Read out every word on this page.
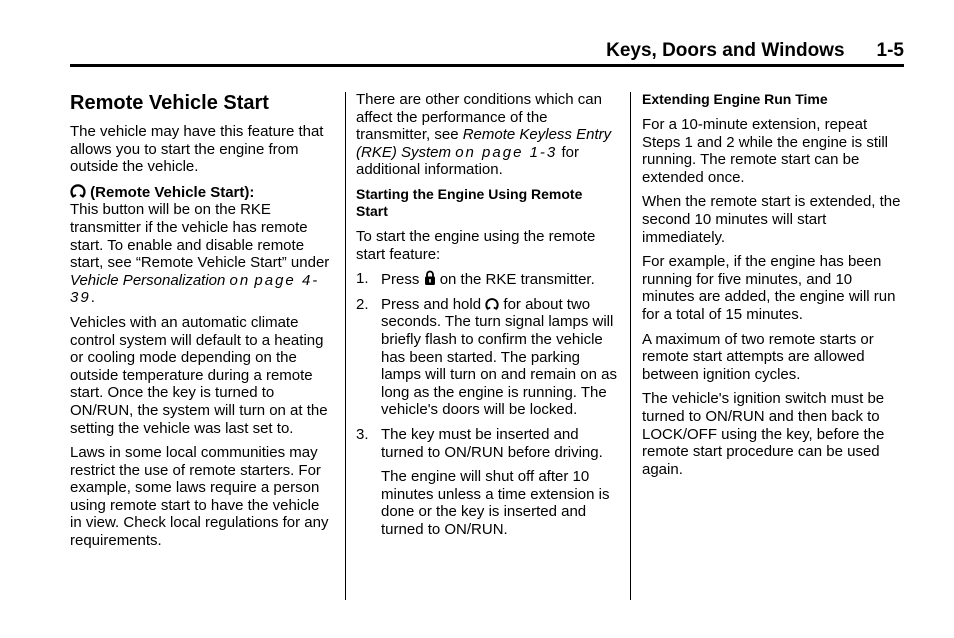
Keys, Doors and Windows 1-5
Remote Vehicle Start

The vehicle may have this feature that allows you to start the engine from outside the vehicle.

(Remote Vehicle Start):
This button will be on the RKE transmitter if the vehicle has remote start. To enable and disable remote start, see “Remote Vehicle Start” under Vehicle Personalization on page 4-39.

Vehicles with an automatic climate control system will default to a heating or cooling mode depending on the outside temperature during a remote start. Once the key is turned to ON/RUN, the system will turn on at the setting the vehicle was last set to.

Laws in some local communities may restrict the use of remote starters. For example, some laws require a person using remote start to have the vehicle in view. Check local regulations for any requirements.

There are other conditions which can affect the performance of the transmitter, see Remote Keyless Entry (RKE) System on page 1-3 for additional information.

Starting the Engine Using Remote Start

To start the engine using the remote start feature:

1. Press on the RKE transmitter.
2. Press and hold for about two seconds. The turn signal lamps will briefly flash to confirm the vehicle has been started. The parking lamps will turn on and remain on as long as the engine is running. The vehicle's doors will be locked.
3. The key must be inserted and turned to ON/RUN before driving.

The engine will shut off after 10 minutes unless a time extension is done or the key is inserted and turned to ON/RUN.

Extending Engine Run Time

For a 10-minute extension, repeat Steps 1 and 2 while the engine is still running. The remote start can be extended once.

When the remote start is extended, the second 10 minutes will start immediately.

For example, if the engine has been running for five minutes, and 10 minutes are added, the engine will run for a total of 15 minutes.

A maximum of two remote starts or remote start attempts are allowed between ignition cycles.

The vehicle's ignition switch must be turned to ON/RUN and then back to LOCK/OFF using the key, before the remote start procedure can be used again.
